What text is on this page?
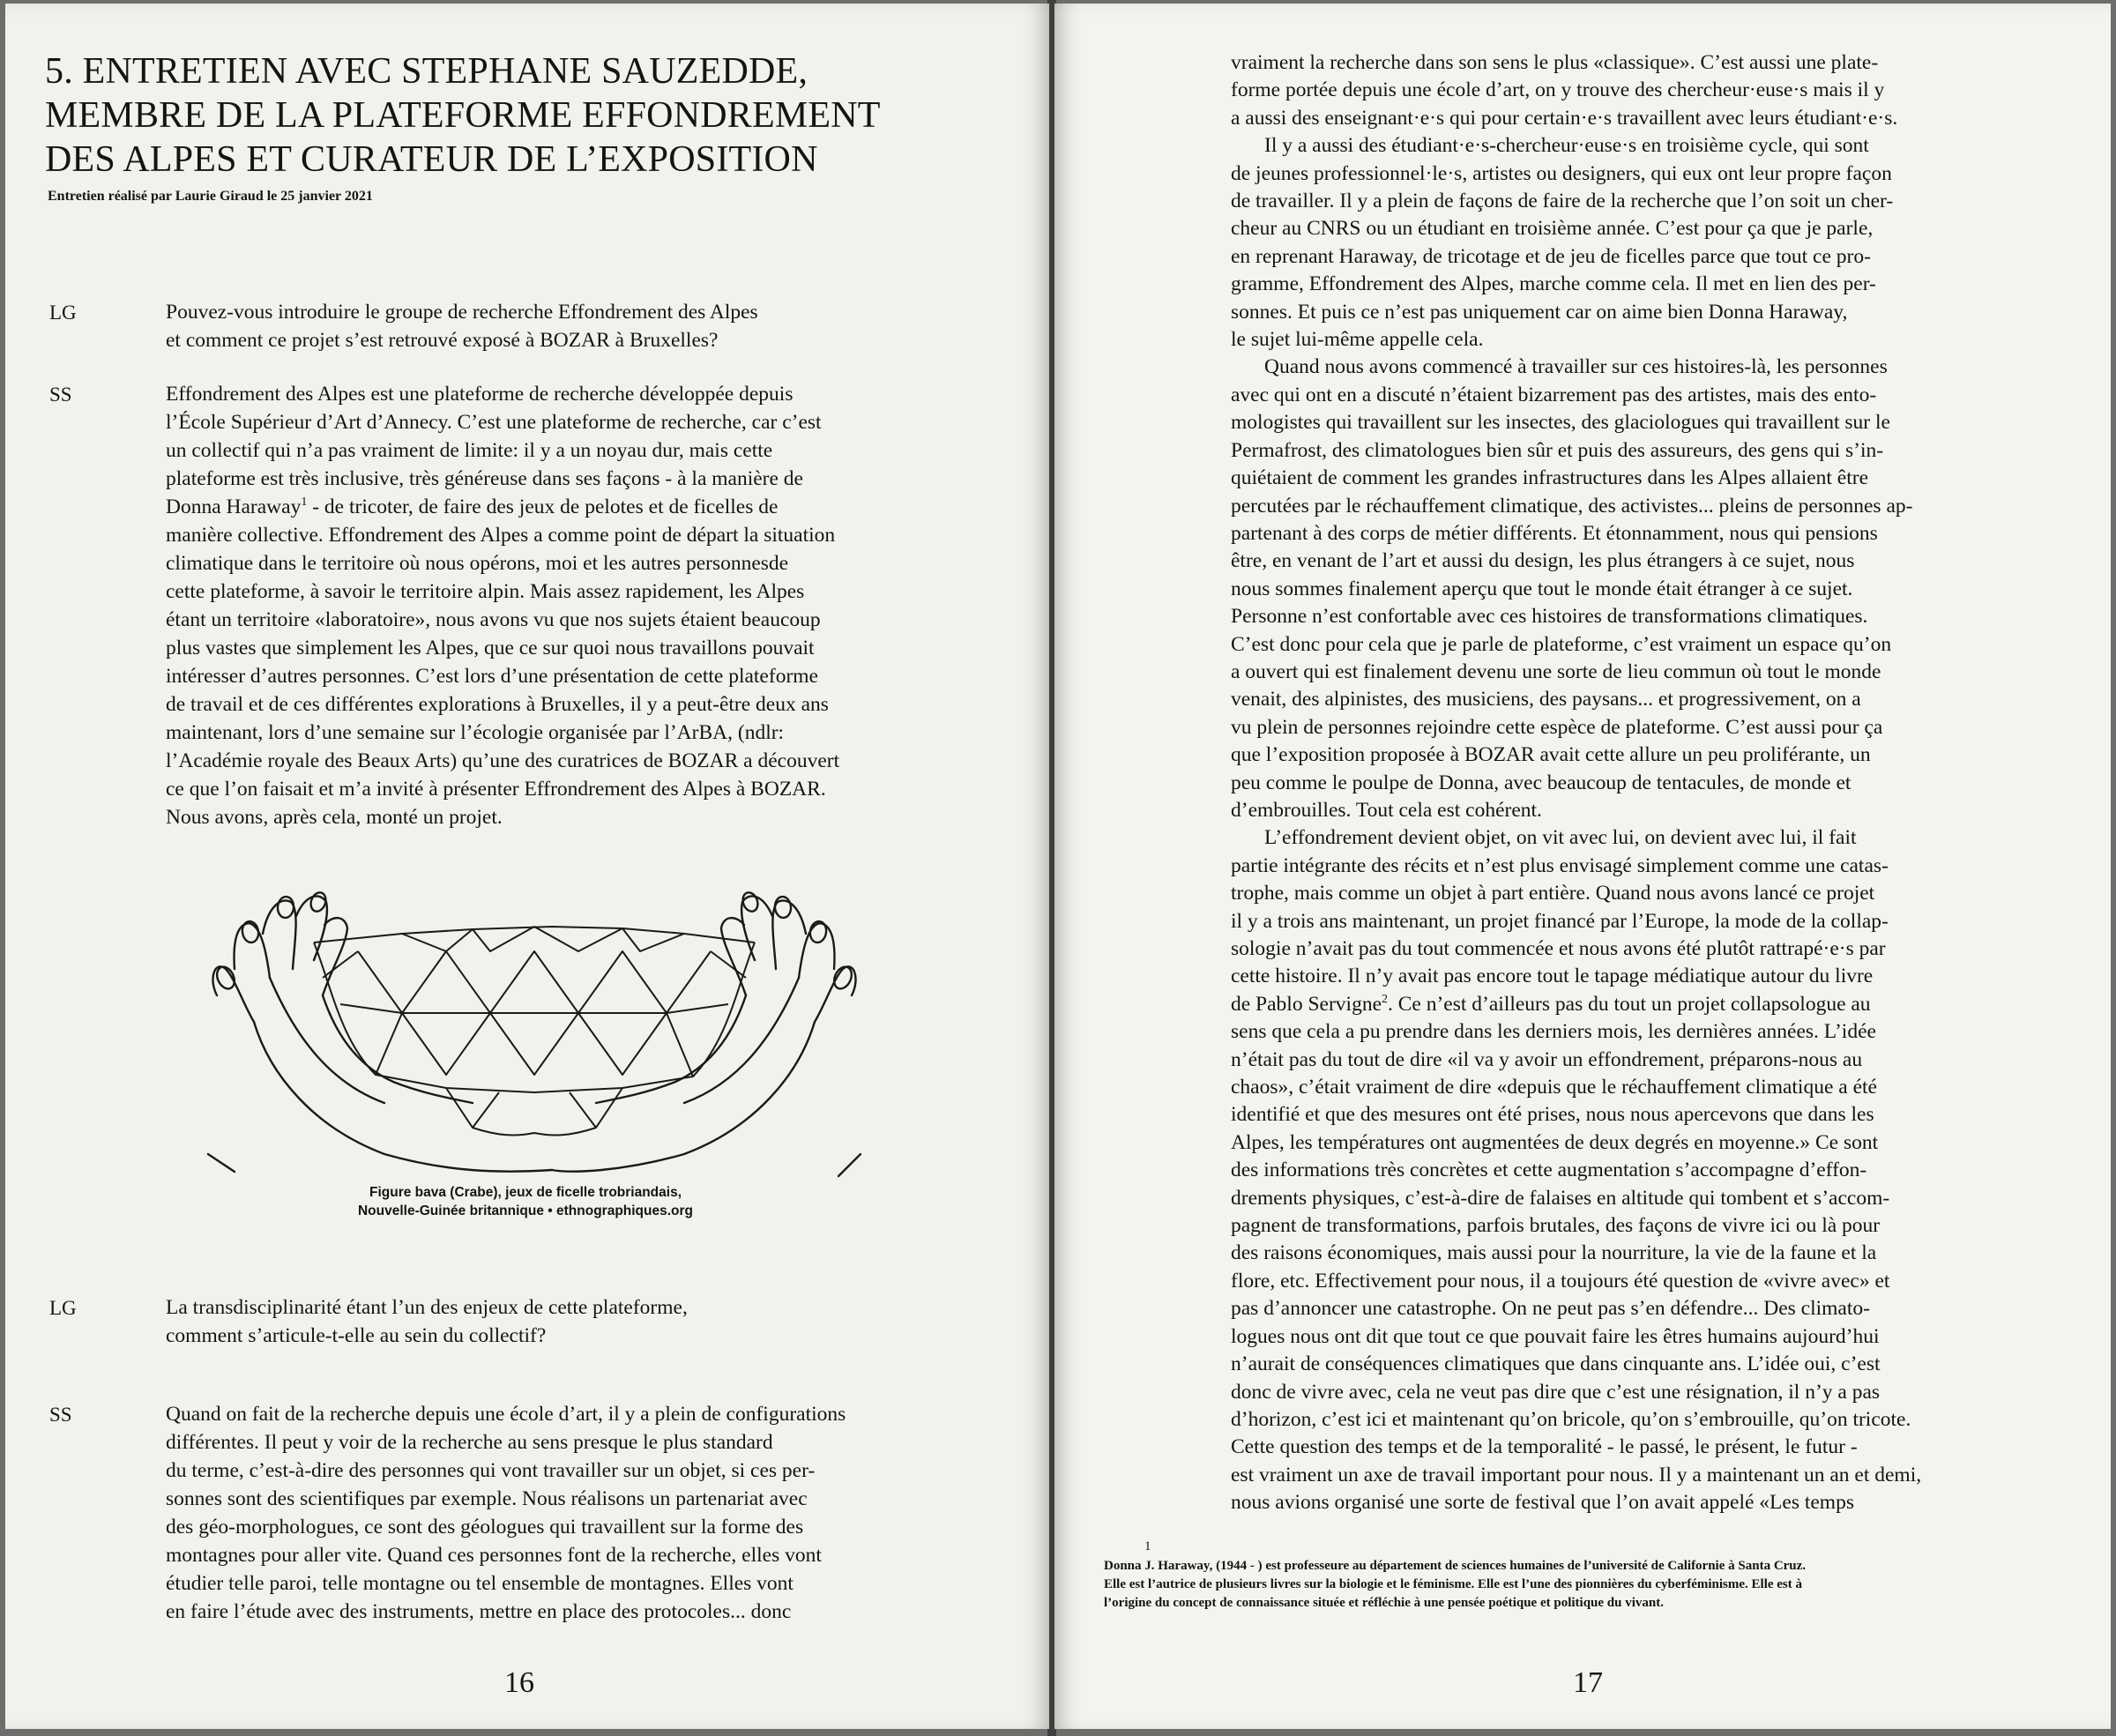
5. ENTRETIEN AVEC STEPHANE SAUZEDDE,
MEMBRE DE LA PLATEFORME EFFONDREMENT
DES ALPES ET CURATEUR DE L’EXPOSITION
Entretien réalisé par Laurie Giraud le 25 janvier 2021
LG	Pouvez-vous introduire le groupe de recherche Effondrement des Alpes
et comment ce projet s’est retrouvé exposé à BOZAR à Bruxelles?
SS	Effondrement des Alpes est une plateforme de recherche développée depuis
l’École Supérieur d’Art d’Annecy. C’est une plateforme de recherche, car c’est
un collectif qui n’a pas vraiment de limite: il y a un noyau dur, mais cette
plateforme est très inclusive, très généreuse dans ses façons - à la manière de
Donna Haraway$^1$ - de tricoter, de faire des jeux de pelotes et de ficelles de
manière collective. Effondrement des Alpes a comme point de départ la situation
climatique dans le territoire où nous opérons, moi et les autres personnesde
cette plateforme, à savoir le territoire alpin. Mais assez rapidement, les Alpes
étant un territoire «laboratoire», nous avons vu que nos sujets étaient beaucoup
plus vastes que simplement les Alpes, que ce sur quoi nous travaillons pouvait
intéresser d’autres personnes. C’est lors d’une présentation de cette plateforme
de travail et de ces différentes explorations à Bruxelles, il y a peut-être deux ans
maintenant, lors d’une semaine sur l’écologie organisée par l’ArBA, (ndlr:
l’Académie royale des Beaux Arts) qu’une des curatrices de BOZAR a découvert
ce que l’on faisait et m’a invité à présenter Effrondrement des Alpes à BOZAR.
Nous avons, après cela, monté un projet.
Figure bava (Crabe), jeux de ficelle trobriandais,
Nouvelle-Guinée britannique • ethnographiques.org
LG	La transdisciplinarité étant l’un des enjeux de cette plateforme,
comment s’articule-t-elle au sein du collectif?
SS	Quand on fait de la recherche depuis une école d’art, il y a plein de configurations
différentes. Il peut y voir de la recherche au sens presque le plus standard
du terme, c’est-à-dire des personnes qui vont travailler sur un objet, si ces per-
sonnes sont des scientifiques par exemple. Nous réalisons un partenariat avec
des géo-morphologues, ce sont des géologues qui travaillent sur la forme des
montagnes pour aller vite. Quand ces personnes font de la recherche, elles vont
étudier telle paroi, telle montagne ou tel ensemble de montagnes. Elles vont
en faire l’étude avec des instruments, mettre en place des protocoles... donc
16
vraiment la recherche dans son sens le plus «classique». C’est aussi une plate-
forme portée depuis une école d’art, on y trouve des chercheur·euse·s mais il y
a aussi des enseignant·e·s qui pour certain·e·s travaillent avec leurs étudiant·e·s.
Il y a aussi des étudiant·e·s-chercheur·euse·s en troisième cycle, qui sont
de jeunes professionnel·le·s, artistes ou designers, qui eux ont leur propre façon
de travailler. Il y a plein de façons de faire de la recherche que l’on soit un cher-
cheur au CNRS ou un étudiant en troisième année. C’est pour ça que je parle,
en reprenant Haraway, de tricotage et de jeu de ficelles parce que tout ce pro-
gramme, Effondrement des Alpes, marche comme cela. Il met en lien des per-
sonnes. Et puis ce n’est pas uniquement car on aime bien Donna Haraway,
le sujet lui-même appelle cela.
Quand nous avons commencé à travailler sur ces histoires-là, les personnes
avec qui ont en a discuté n’étaient bizarrement pas des artistes, mais des ento-
mologistes qui travaillent sur les insectes, des glaciologues qui travaillent sur le
Permafrost, des climatologues bien sûr et puis des assureurs, des gens qui s’in-
quiétaient de comment les grandes infrastructures dans les Alpes allaient être
percutées par le réchauffement climatique, des activistes... pleins de personnes ap-
partenant à des corps de métier différents. Et étonnamment, nous qui pensions
être, en venant de l’art et aussi du design, les plus étrangers à ce sujet, nous
nous sommes finalement aperçu que tout le monde était étranger à ce sujet.
Personne n’est confortable avec ces histoires de transformations climatiques.
C’est donc pour cela que je parle de plateforme, c’est vraiment un espace qu’on
a ouvert qui est finalement devenu une sorte de lieu commun où tout le monde
venait, des alpinistes, des musiciens, des paysans... et progressivement, on a
vu plein de personnes rejoindre cette espèce de plateforme. C’est aussi pour ça
que l’exposition proposée à BOZAR avait cette allure un peu proliférante, un
peu comme le poulpe de Donna, avec beaucoup de tentacules, de monde et
d’embrouilles. Tout cela est cohérent.
L’effondrement devient objet, on vit avec lui, on devient avec lui, il fait
partie intégrante des récits et n’est plus envisagé simplement comme une catas-
trophe, mais comme un objet à part entière. Quand nous avons lancé ce projet
il y a trois ans maintenant, un projet financé par l’Europe, la mode de la collap-
sologie n’avait pas du tout commencée et nous avons été plutôt rattrapé·e·s par
cette histoire. Il n’y avait pas encore tout le tapage médiatique autour du livre
de Pablo Servigne$^2$. Ce n’est d’ailleurs pas du tout un projet collapsologue au
sens que cela a pu prendre dans les derniers mois, les dernières années. L’idée
n’était pas du tout de dire «il va y avoir un effondrement, préparons-nous au
chaos», c’était vraiment de dire «depuis que le réchauffement climatique a été
identifié et que des mesures ont été prises, nous nous apercevons que dans les
Alpes, les températures ont augmentées de deux degrés en moyenne.» Ce sont
des informations très concrètes et cette augmentation s’accompagne d’effon-
drements physiques, c’est-à-dire de falaises en altitude qui tombent et s’accom-
pagnent de transformations, parfois brutales, des façons de vivre ici ou là pour
des raisons économiques, mais aussi pour la nourriture, la vie de la faune et la
flore, etc. Effectivement pour nous, il a toujours été question de «vivre avec» et
pas d’annoncer une catastrophe. On ne peut pas s’en défendre... Des climato-
logues nous ont dit que tout ce que pouvait faire les êtres humains aujourd’hui
n’aurait de conséquences climatiques que dans cinquante ans. L’idée oui, c’est
donc de vivre avec, cela ne veut pas dire que c’est une résignation, il n’y a pas
d’horizon, c’est ici et maintenant qu’on bricole, qu’on s’embrouille, qu’on tricote.
Cette question des temps et de la temporalité - le passé, le présent, le futur -
est vraiment un axe de travail important pour nous. Il y a maintenant un an et demi,
nous avions organisé une sorte de festival que l’on avait appelé «Les temps
1
Donna J. Haraway, (1944 - ) est professeure au département de sciences humaines de l’université de Californie à Santa Cruz.
Elle est l’autrice de plusieurs livres sur la biologie et le féminisme. Elle est l’une des pionnières du cyberféminisme. Elle est à
l’origine du concept de connaissance située et réfléchie à une pensée poétique et politique du vivant.
17
